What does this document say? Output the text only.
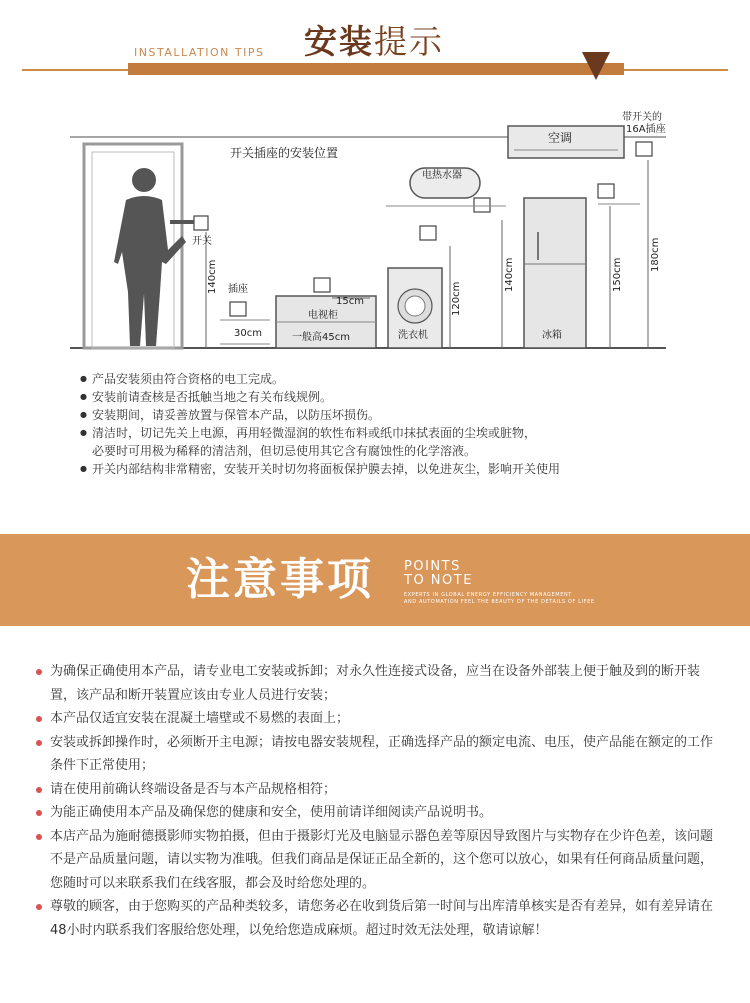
INSTALLATION TIPS 安装提示
开关插座的安装位置
开关
140cm 插座
30cm
15cm
电视柜
一般高45cm
电热水器
洗衣机
120cm
140cm
冰箱
150cm
空调
带开关的
16A插座
180cm
● 产品安装须由符合资格的电工完成。
● 安装前请查核是否抵触当地之有关布线规例。
● 安装期间，请妥善放置与保管本产品，以防压坏损伤。
● 清洁时，切记先关上电源，再用轻微湿润的软性布料或纸巾抹拭表面的尘埃或脏物，
必要时可用极为稀释的清洁剂，但切忌使用其它含有腐蚀性的化学溶液。
● 开关内部结构非常精密，安装开关时切勿将面板保护膜去掉，以免进灰尘，影响开关使用
注意事项 POINTS
TO NOTE
EXPERTS IN GLOBAL ENERGY EFFICIENCY MANAGEMENT
AND AUTOMATION FEEL THE BEAUTY OF THE DETAILS OF LIFEE
为确保正确使用本产品，请专业电工安装或拆卸；对永久性连接式设备，应当在设备外部装上便于触及到的断开装置，该产品和断开装置应该由专业人员进行安装；
本产品仅适宜安装在混凝土墙壁或不易燃的表面上；
安装或拆卸操作时，必须断开主电源；请按电器安装规程，正确选择产品的额定电流、电压，使产品能在额定的工作条件下正常使用；
请在使用前确认终端设备是否与本产品规格相符；
为能正确使用本产品及确保您的健康和安全，使用前请详细阅读产品说明书。
本店产品为施耐德摄影师实物拍摄，但由于摄影灯光及电脑显示器色差等原因导致图片与实物存在少许色差，该问题不是产品质量问题，请以实物为准哦。但我们商品是保证正品全新的，这个您可以放心，如果有任何商品质量问题，您随时可以来联系我们在线客服，都会及时给您处理的。
尊敬的顾客，由于您购买的产品种类较多，请您务必在收到货后第一时间与出库清单核实是否有差异，如有差异请在48小时内联系我们客服给您处理，以免给您造成麻烦。超过时效无法处理，敬请谅解！
